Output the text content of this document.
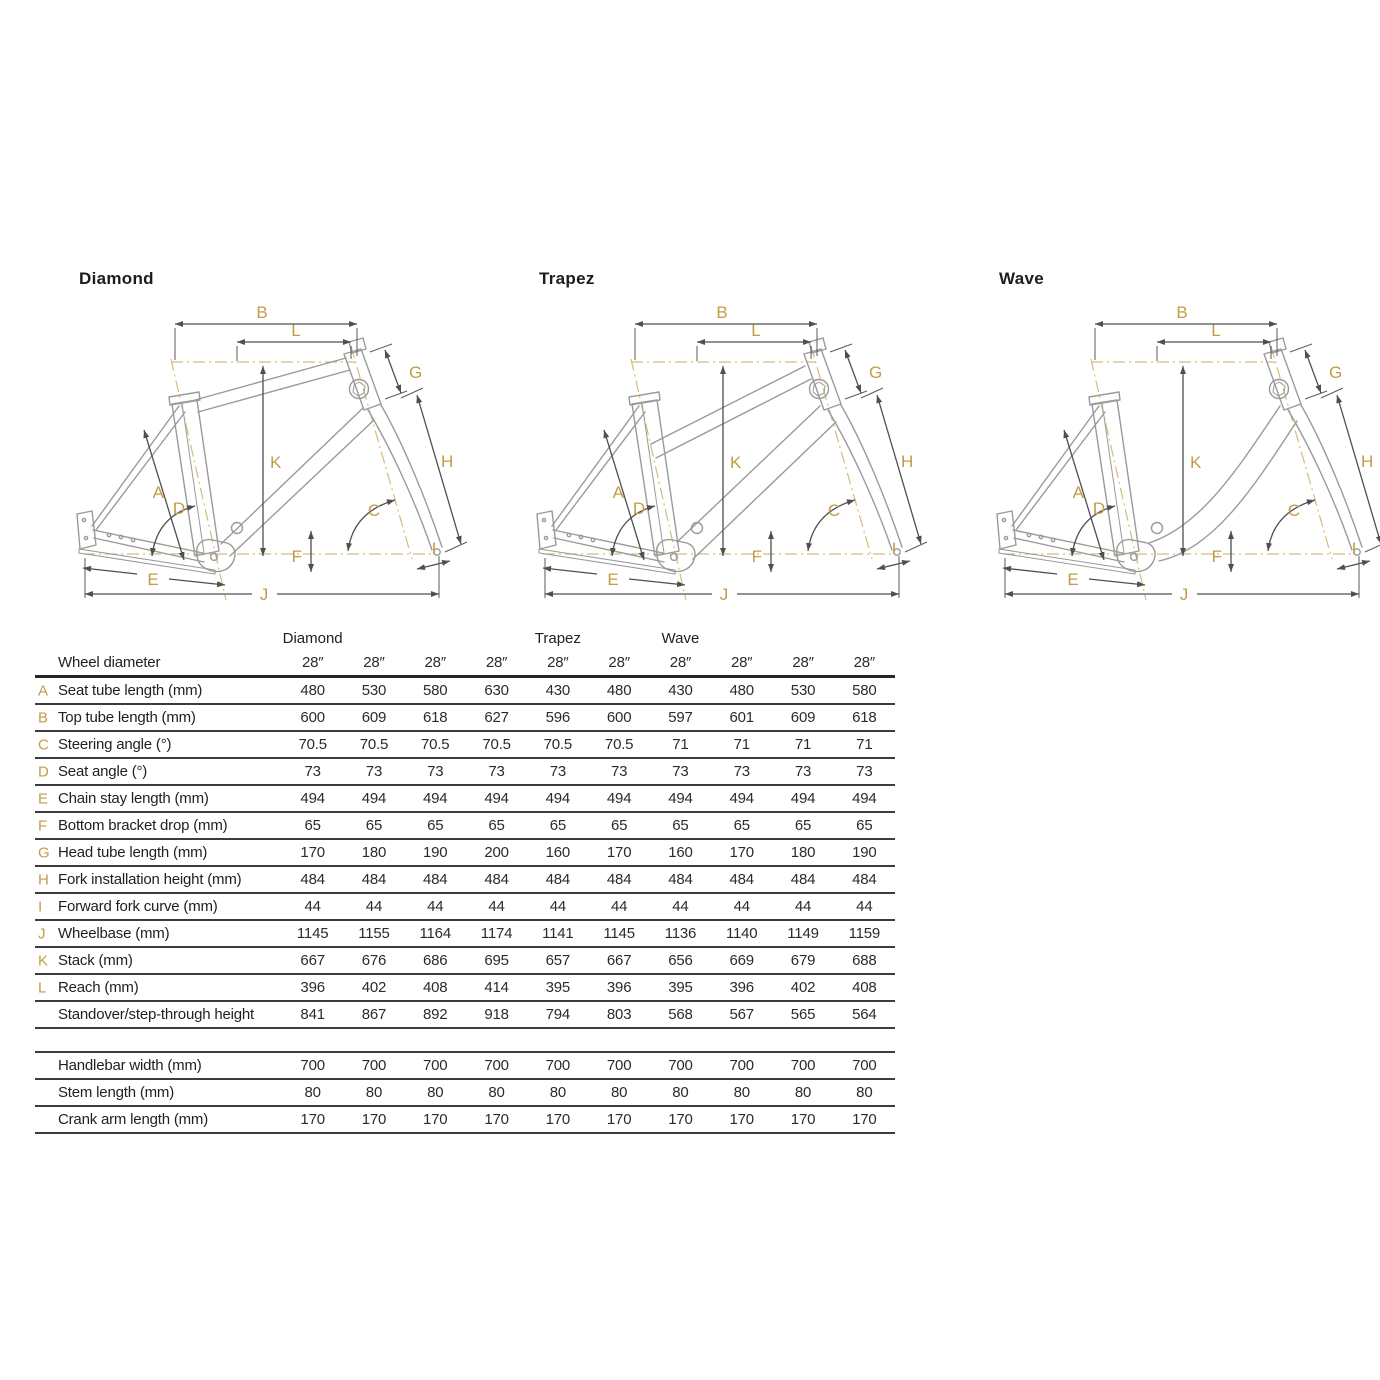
Diamond	Trapez	Wave
Diamond	Trapez	Wave
Wheel diameter	28″	28″	28″	28″	28″	28″	28″	28″	28″	28″
A Seat tube length (mm)	480	530	580	630	430	480	430	480	530	580
B Top tube length (mm)	600	609	618	627	596	600	597	601	609	618
C Steering angle (°)	70.5	70.5	70.5	70.5	70.5	70.5	71	71	71	71
D Seat angle (°)	73	73	73	73	73	73	73	73	73	73
E Chain stay length (mm)	494	494	494	494	494	494	494	494	494	494
F Bottom bracket drop (mm)	65	65	65	65	65	65	65	65	65	65
G Head tube length (mm)	170	180	190	200	160	170	160	170	180	190
H Fork installation height (mm)	484	484	484	484	484	484	484	484	484	484
I Forward fork curve (mm)	44	44	44	44	44	44	44	44	44	44
J Wheelbase (mm)	1145	1155	1164	1174	1141	1145	1136	1140	1149	1159
K Stack (mm)	667	676	686	695	657	667	656	669	679	688
L Reach (mm)	396	402	408	414	395	396	395	396	402	408
Standover/step-through height	841	867	892	918	794	803	568	567	565	564
Handlebar width (mm)	700	700	700	700	700	700	700	700	700	700
Stem length (mm)	80	80	80	80	80	80	80	80	80	80
Crank arm length (mm)	170	170	170	170	170	170	170	170	170	170
